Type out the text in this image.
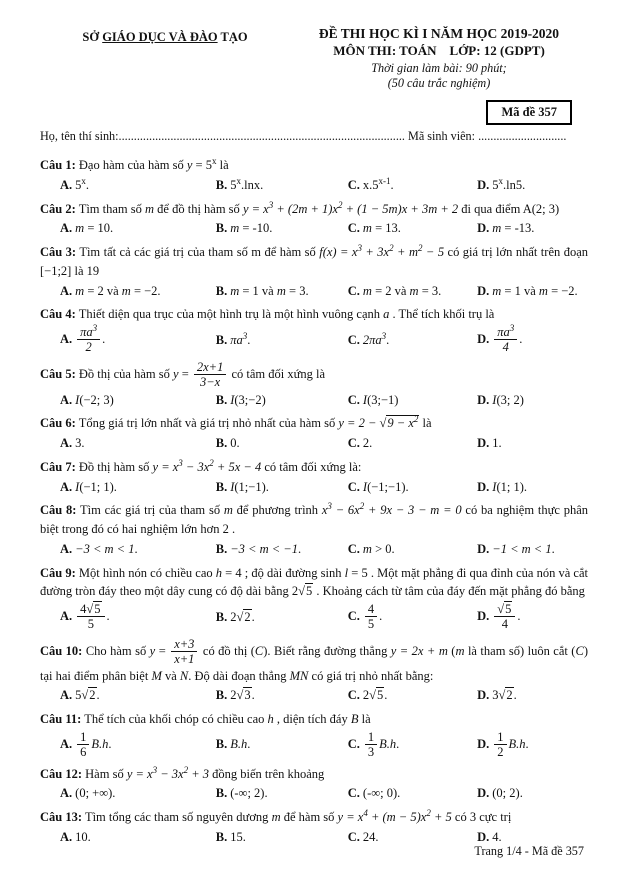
SỞ GIÁO DỤC VÀ ĐÀO TẠO	ĐỀ THI HỌC KÌ I NĂM HỌC 2019-2020
MÔN THI: TOÁN    LỚP: 12 (GDPT)
Thời gian làm bài: 90 phút;
(50 câu trắc nghiệm)
Mã đề 357
Họ, tên thí sinh:.............................................................................................. Mã sinh viên: .............................
Câu 1: Đạo hàm của hàm số $y = 5^x$ là
A. 5$^x$.	B. 5$^x$.lnx.	C. x.5$^{x-1}$.	D. 5$^x$.ln5.
Câu 2: Tìm tham số m để đồ thị hàm số $y = x^3 + (2m + 1)x^2 + (1 - 5m)x + 3m + 2$ đi qua điểm A(2; 3)
A. m = 10.	B. m = -10.	C. m = 13.	D. m = -13.
Câu 3: Tìm tất cả các giá trị của tham số m để hàm số $f(x) = x^3 + 3x^2 + m^2 - 5$ có giá trị lớn nhất trên đoạn [−1;2] là 19
A. m = 2 và m = −2.	B. m = 1 và m = 3.	C. m = 2 và m = 3.	D. m = 1 và m = −2.
Câu 4: Thiết diện qua trục của một hình trụ là một hình vuông cạnh a . Thể tích khối trụ là
A. $\frac{\pi a^3}{2}$ .	B. $\pi a^3$.	C. $2\pi a^3$.	D. $\frac{\pi a^3}{4}$ .
Câu 5: Đồ thị của hàm số $y = \frac{2x+1}{3-x}$ có tâm đối xứng là
A. I(−2; 3)	B. I(3;−2)	C. I(3;−1)	D. I(3; 2)
Câu 6: Tổng giá trị lớn nhất và giá trị nhỏ nhất của hàm số $y = 2 - √9 - x^2$ là
A. 3.	B. 0.	C. 2.	D. 1.
Câu 7: Đồ thị hàm số $y = x^3 - 3x^2 + 5x - 4$ có tâm đối xứng là:
A. I(−1; 1).	B. I(1;−1).	C. I(−1;−1).	D. I(1; 1).
Câu 8: Tìm các giá trị của tham số m để phương trình $x^3 - 6x^2 + 9x - 3 - m = 0$ có ba nghiệm thực phân biệt trong đó có hai nghiệm lớn hơn 2 .
A. −3 < m < 1.	B. −3 < m < −1.	C. m > 0.	D. −1 < m < 1.
Câu 9: Một hình nón có chiều cao h = 4 ; độ dài đường sinh l = 5 . Một mặt phẳng đi qua đỉnh của nón và cắt đường tròn đáy theo một dây cung có độ dài bằng 2√5 . Khoảng cách từ tâm của đáy đến mặt phẳng đó bằng
A. $\frac{4√5}{5}$ .	B. 2√2.	C. $\frac{4}{5}$ .	D. $\frac{√5}{4}$ .
Câu 10: Cho hàm số $y = \frac{x+3}{x+1}$ có đồ thị (C). Biết rằng đường thẳng y = 2x + m (m là tham số) luôn cắt (C) tại hai điểm phân biệt M và N. Độ dài đoạn thẳng MN có giá trị nhỏ nhất bằng:
A. 5√2.	B. 2√3.	C. 2√5.	D. 3√2.
Câu 11: Thể tích của khối chóp có chiều cao h , diện tích đáy B là
A. $\frac{1}{6} B.h$.	B. B.h.	C. $\frac{1}{3} B.h$.	D. $\frac{1}{2} B.h$.
Câu 12: Hàm số $y = x^3 - 3x^2 + 3$ đồng biến trên khoảng
A. (0; +∞).	B. (-∞; 2).	C. (-∞; 0).	D. (0; 2).
Câu 13: Tìm tổng các tham số nguyên dương m để hàm số $y = x^4 + (m - 5)x^2 + 5$ có 3 cực trị
A. 10.	B. 15.	C. 24.	D. 4.
Trang 1/4 - Mã đề 357
